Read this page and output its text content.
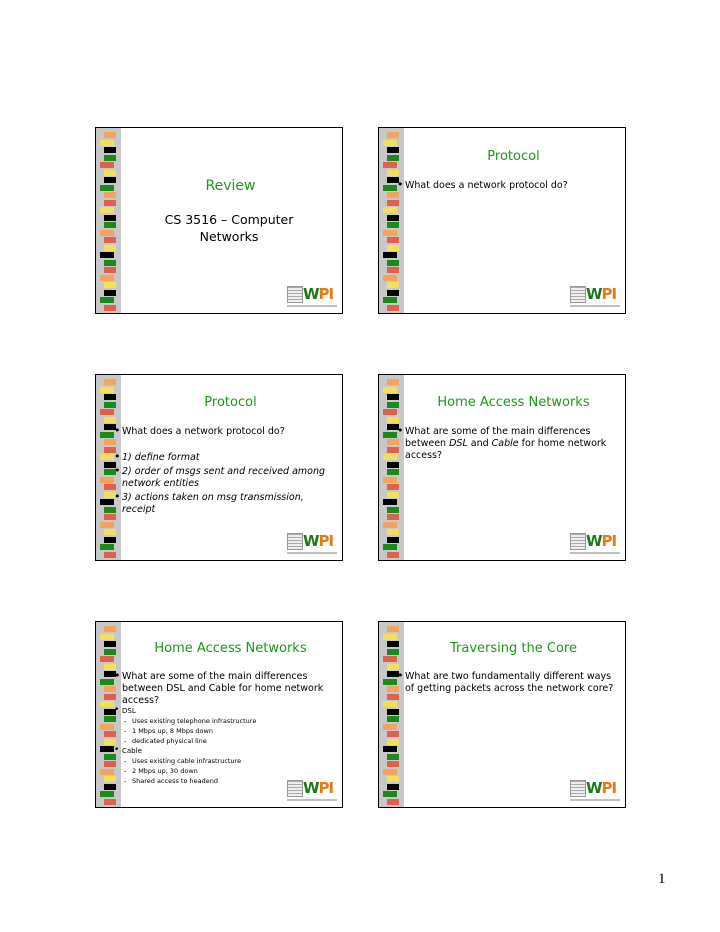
Review
CS 3516 – Computer Networks
WPI
Protocol
• What does a network protocol do?
WPI
Protocol
• What does a network protocol do?
• 1) define format
• 2) order of msgs sent and received among network entities
• 3) actions taken on msg transmission, receipt
WPI
Home Access Networks
• What are some of the main differences between DSL and Cable for home network access?
WPI
Home Access Networks
• What are some of the main differences between DSL and Cable for home network access?
• DSL
- Uses existing telephone infrastructure
- 1 Mbps up, 8 Mbps down
- dedicated physical line
• Cable
- Uses existing cable infrastructure
- 2 Mbps up, 30 down
- Shared access to headend	WPI
Traversing the Core
• What are two fundamentally different ways of getting packets across the network core?
WPI
1
